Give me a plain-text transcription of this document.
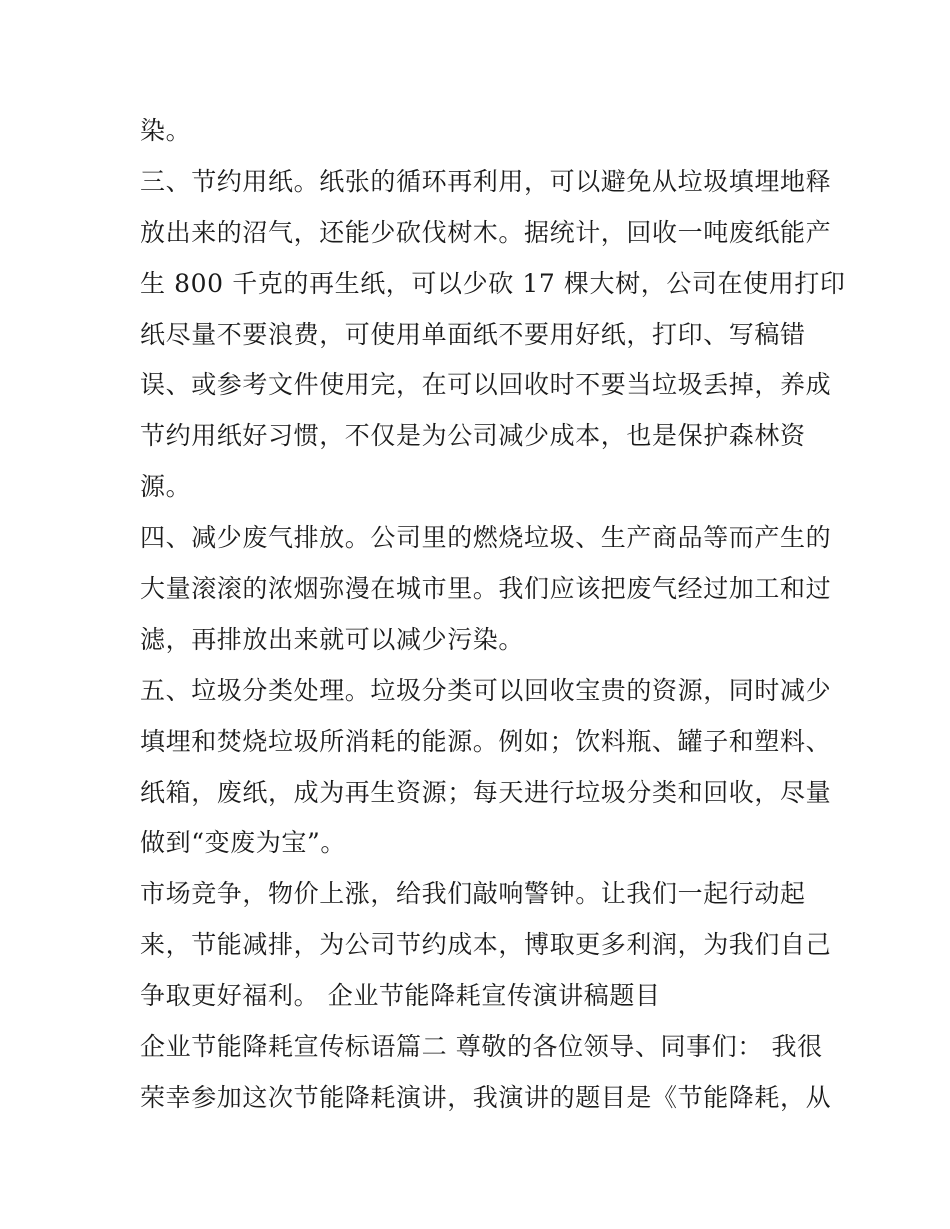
染。
三、节约用纸。纸张的循环再利用，可以避免从垃圾填埋地释
放出来的沼气，还能少砍伐树木。据统计，回收一吨废纸能产
生 800 千克的再生纸，可以少砍 17 棵大树，公司在使用打印
纸尽量不要浪费，可使用单面纸不要用好纸，打印、写稿错
误、或参考文件使用完，在可以回收时不要当垃圾丢掉，养成
节约用纸好习惯，不仅是为公司减少成本，也是保护森林资
源。
四、减少废气排放。公司里的燃烧垃圾、生产商品等而产生的
大量滚滚的浓烟弥漫在城市里。我们应该把废气经过加工和过
滤，再排放出来就可以减少污染。
五、垃圾分类处理。垃圾分类可以回收宝贵的资源，同时减少
填埋和焚烧垃圾所消耗的能源。例如；饮料瓶、罐子和塑料、
纸箱，废纸，成为再生资源；每天进行垃圾分类和回收，尽量
做到“变废为宝”。
市场竞争，物价上涨，给我们敲响警钟。让我们一起行动起
来，节能减排，为公司节约成本，博取更多利润，为我们自己
争取更好福利。 企业节能降耗宣传演讲稿题目
企业节能降耗宣传标语篇二 尊敬的各位领导、同事们： 我很
荣幸参加这次节能降耗演讲，我演讲的题目是《节能降耗，从
